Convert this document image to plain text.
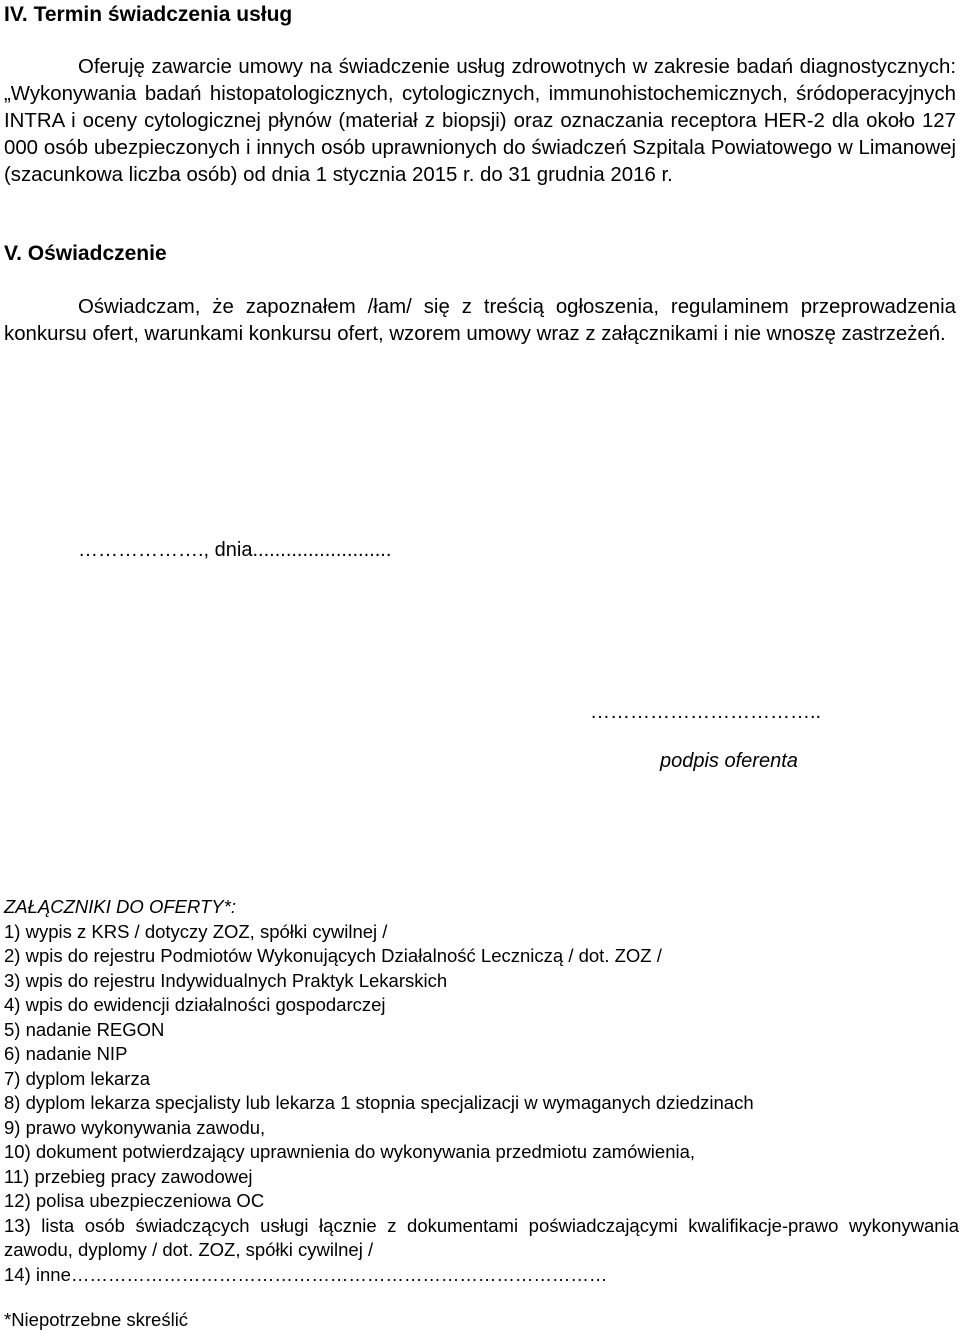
IV. Termin świadczenia usług
Oferuję zawarcie umowy na świadczenie usług zdrowotnych w zakresie badań diagnostycznych: „Wykonywania badań histopatologicznych, cytologicznych, immunohistochemicznych, śródoperacyjnych INTRA i oceny cytologicznej płynów (materiał z biopsji) oraz oznaczania receptora HER-2 dla około 127 000 osób ubezpieczonych i innych osób uprawnionych do świadczeń Szpitala Powiatowego w Limanowej (szacunkowa liczba osób) od dnia 1 stycznia 2015 r. do 31 grudnia 2016 r.
V. Oświadczenie
Oświadczam, że zapoznałem /łam/ się z treścią ogłoszenia, regulaminem przeprowadzenia konkursu ofert, warunkami konkursu ofert, wzorem umowy wraz z załącznikami i nie wnoszę zastrzeżeń.
………………., dnia.........................
……………………………..
podpis oferenta
ZAŁĄCZNIKI DO OFERTY*:
1) wypis z KRS / dotyczy ZOZ, spółki cywilnej /
2) wpis do rejestru Podmiotów Wykonujących Działalność Leczniczą / dot. ZOZ /
3) wpis do rejestru Indywidualnych Praktyk Lekarskich
4) wpis do ewidencji działalności gospodarczej
5) nadanie REGON
6) nadanie NIP
7) dyplom lekarza
8) dyplom lekarza specjalisty lub lekarza 1 stopnia specjalizacji w wymaganych dziedzinach
9) prawo wykonywania zawodu,
10) dokument potwierdzający uprawnienia do wykonywania przedmiotu zamówienia,
11) przebieg pracy zawodowej
12) polisa ubezpieczeniowa OC
13) lista osób świadczących usługi łącznie z dokumentami poświadczającymi kwalifikacje-prawo wykonywania zawodu, dyplomy / dot. ZOZ, spółki cywilnej /
14) inne……………………………………………………………………………
*Niepotrzebne skreślić
